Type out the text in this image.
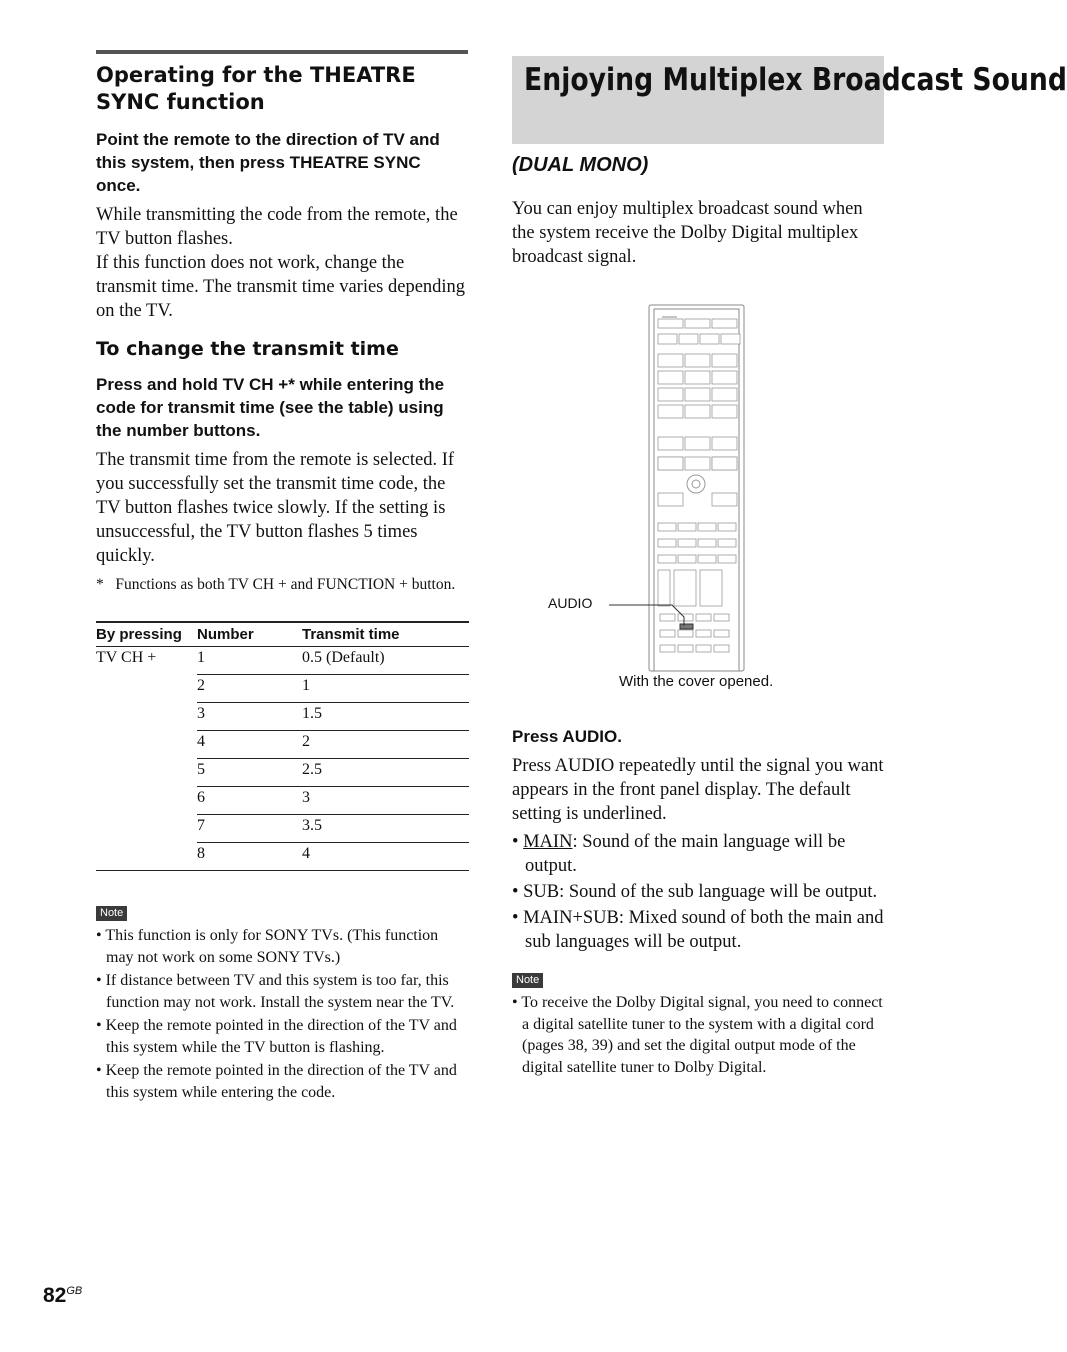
Operating for the THEATRE SYNC function

Point the remote to the direction of TV and this system, then press THEATRE SYNC once.

While transmitting the code from the remote, the TV button flashes.

If this function does not work, change the transmit time. The transmit time varies depending on the TV.

To change the transmit time

Press and hold TV CH +* while entering the code for transmit time (see the table) using the number buttons.

The transmit time from the remote is selected. If you successfully set the transmit time code, the TV button flashes twice slowly. If the setting is unsuccessful, the TV button flashes 5 times quickly.

* Functions as both TV CH + and FUNCTION + button.

By pressing	Number	Transmit time
TV CH +	1	0.5 (Default)
	2	1
	3	1.5
	4	2
	5	2.5
	6	3
	7	3.5
	8	4
Note
• This function is only for SONY TVs. (This function may not work on some SONY TVs.)
• If distance between TV and this system is too far, this function may not work. Install the system near the TV.
• Keep the remote pointed in the direction of the TV and this system while the TV button is flashing.
• Keep the remote pointed in the direction of the TV and this system while entering the code.
Enjoying Multiplex Broadcast Sound
(DUAL MONO)

You can enjoy multiplex broadcast sound when the system receive the Dolby Digital multiplex broadcast signal.

AUDIO
With the cover opened.

Press AUDIO.

Press AUDIO repeatedly until the signal you want appears in the front panel display. The default setting is underlined.

• MAIN: Sound of the main language will be output.
• SUB: Sound of the sub language will be output.
• MAIN+SUB: Mixed sound of both the main and sub languages will be output.
Note
• To receive the Dolby Digital signal, you need to connect a digital satellite tuner to the system with a digital cord (pages 38, 39) and set the digital output mode of the digital satellite tuner to Dolby Digital.
$82^{GB}$
